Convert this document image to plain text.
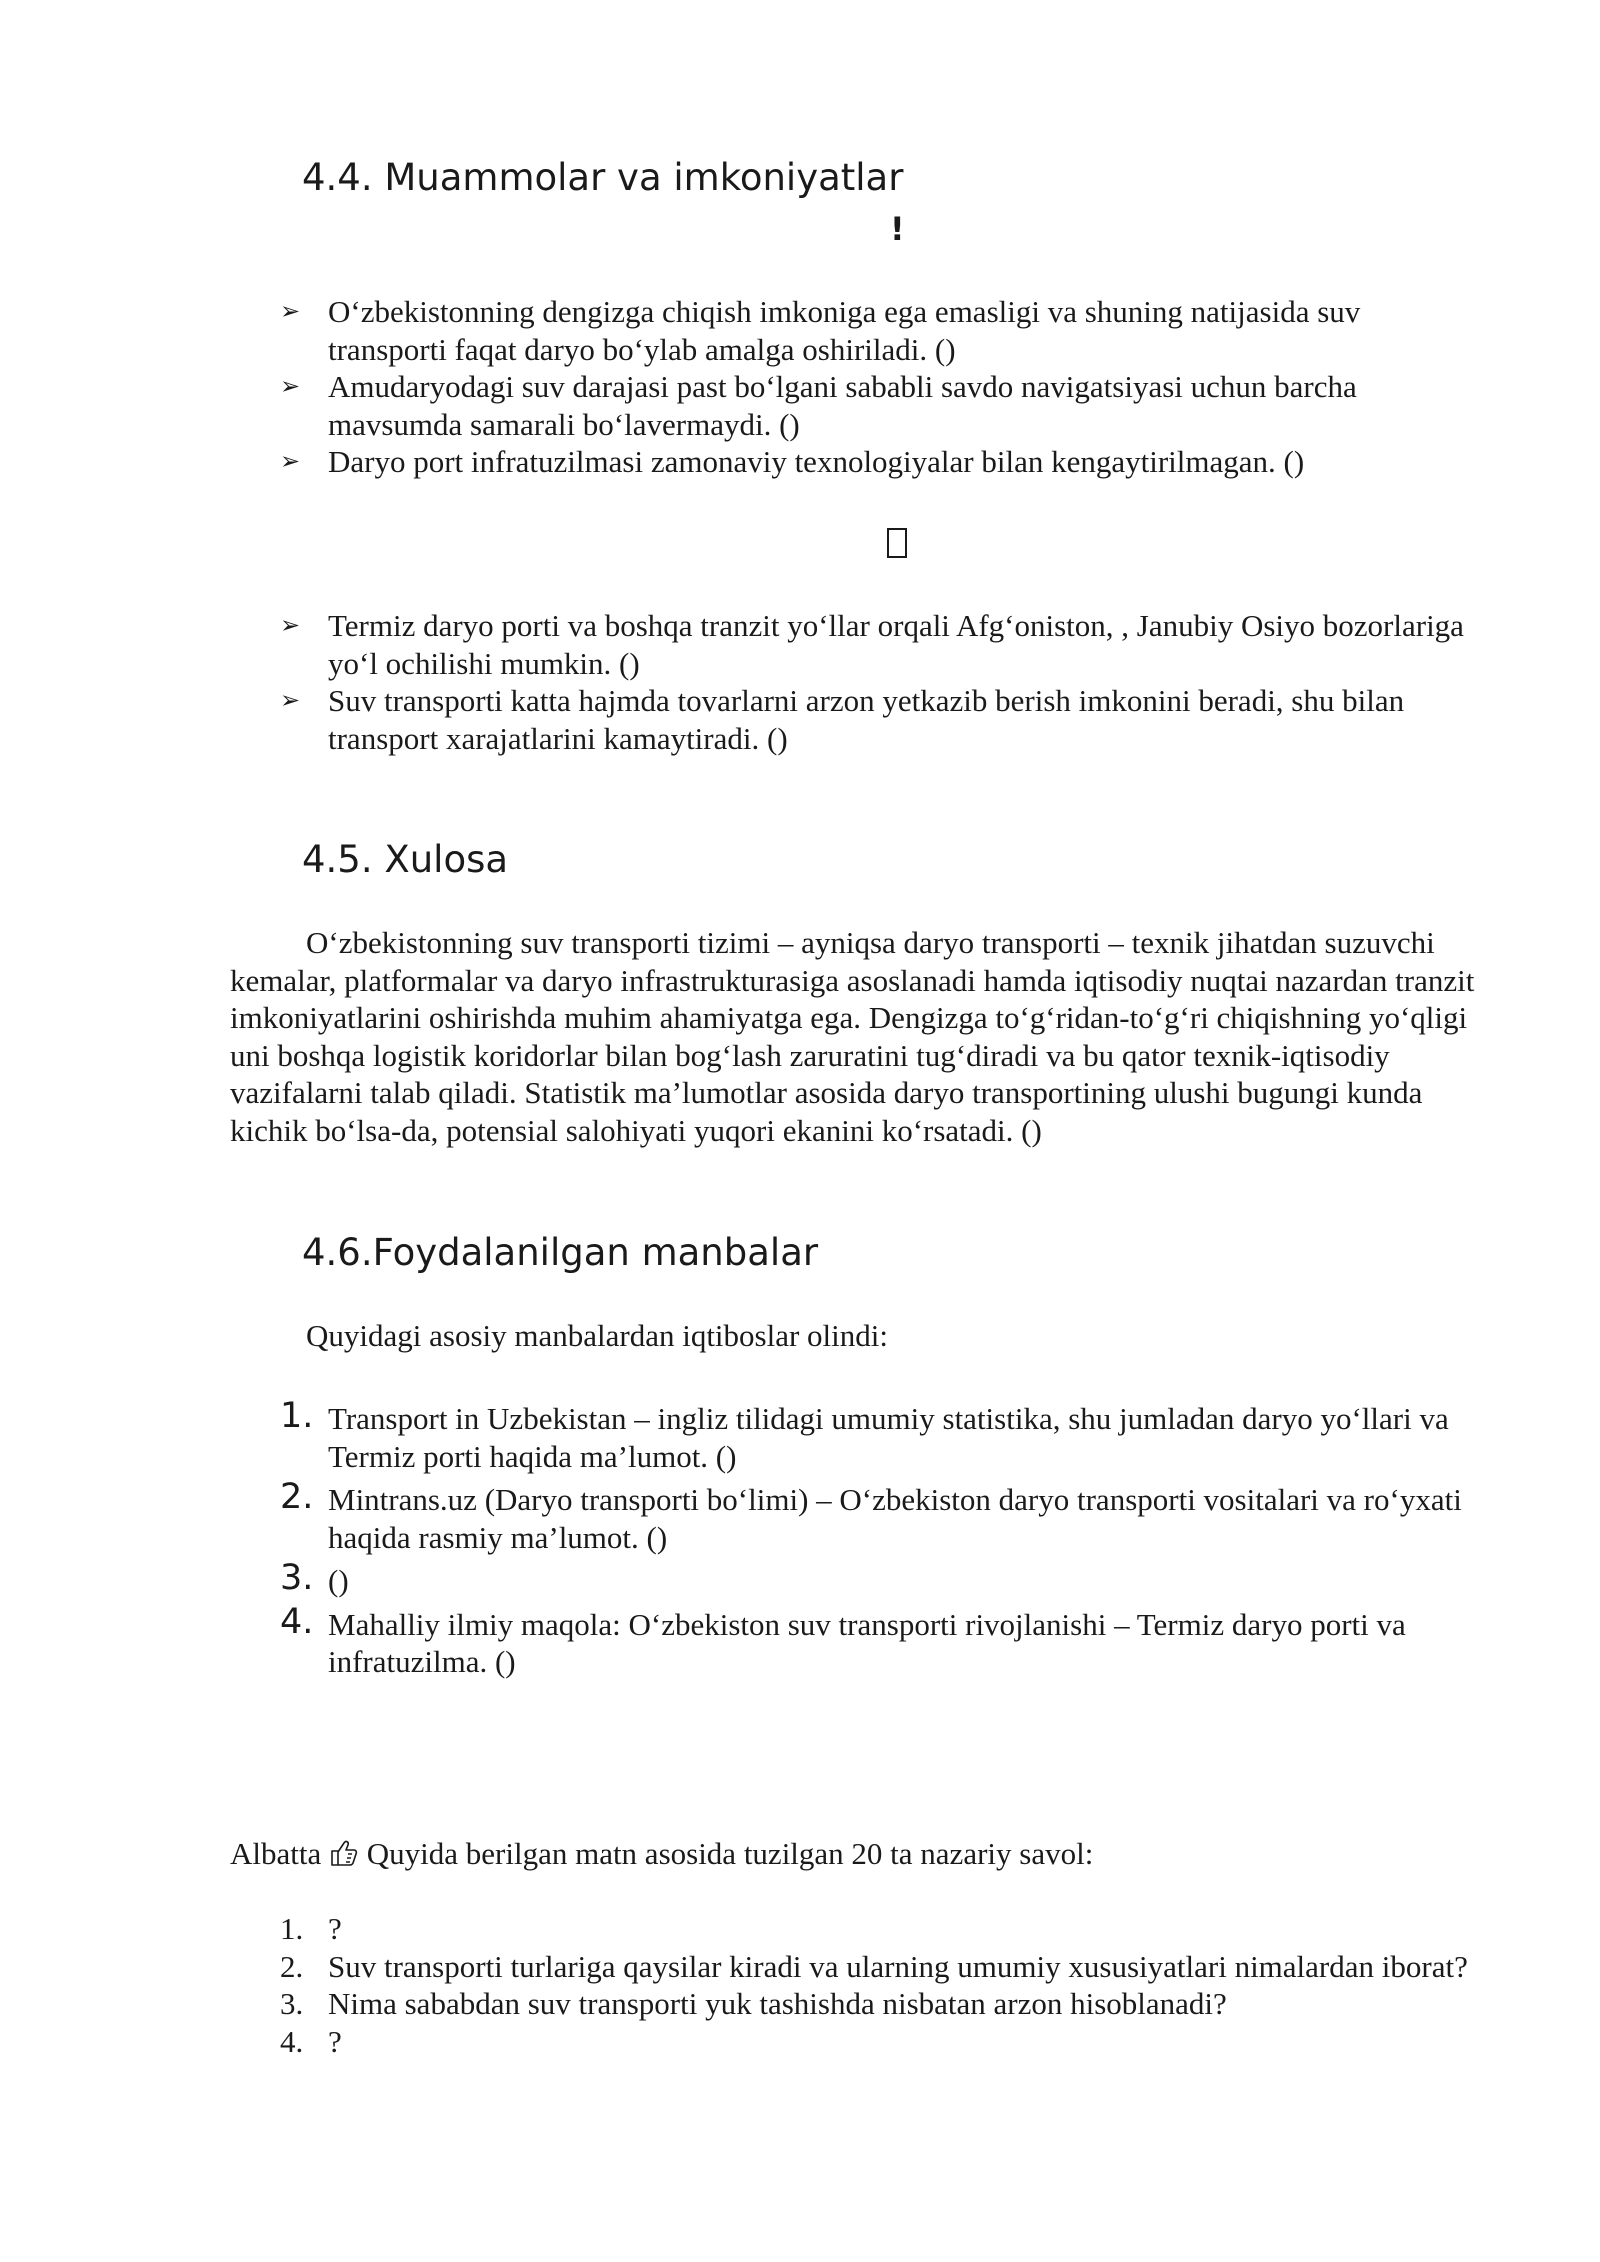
4.4. Muammolar va imkoniyatlar
!
➢ O‘zbekistonning dengizga chiqish imkoniga ega emasligi va shuning natijasida suv transporti faqat daryo bo‘ylab amalga oshiriladi. ()
➢ Amudaryodagi suv darajasi past bo‘lgani sababli savdo navigatsiyasi uchun barcha mavsumda samarali bo‘lavermaydi. ()
➢ Daryo port infratuzilmasi zamonaviy texnologiyalar bilan kengaytirilmagan. ()
➢ Termiz daryo porti va boshqa tranzit yo‘llar orqali Afg‘oniston, , Janubiy Osiyo bozorlariga yo‘l ochilishi mumkin. ()
➢ Suv transporti katta hajmda tovarlarni arzon yetkazib berish imkonini beradi, shu bilan transport xarajatlarini kamaytiradi. ()
4.5. Xulosa

O‘zbekistonning suv transporti tizimi – ayniqsa daryo transporti – texnik jihatdan suzuvchi kemalar, platformalar va daryo infrastrukturasiga asoslanadi hamda iqtisodiy nuqtai nazardan tranzit imkoniyatlarini oshirishda muhim ahamiyatga ega. Dengizga to‘g‘ridan-to‘g‘ri chiqishning yo‘qligi uni boshqa logistik koridorlar bilan bog‘lash zaruratini tug‘diradi va bu qator texnik-iqtisodiy vazifalarni talab qiladi. Statistik ma’lumotlar asosida daryo transportining ulushi bugungi kunda kichik bo‘lsa-da, potensial salohiyati yuqori ekanini ko‘rsatadi. ()

4.6.Foydalanilgan manbalar

Quyidagi asosiy manbalardan iqtiboslar olindi:

1. Transport in Uzbekistan – ingliz tilidagi umumiy statistika, shu jumladan daryo yo‘llari va Termiz porti haqida ma’lumot. ()
2. Mintrans.uz (Daryo transporti bo‘limi) – O‘zbekiston daryo transporti vositalari va ro‘yxati haqida rasmiy ma’lumot. ()
3. ()
4. Mahalliy ilmiy maqola: O‘zbekiston suv transporti rivojlanishi – Termiz daryo porti va infratuzilma. ()

Albatta Quyida berilgan matn asosida tuzilgan 20 ta nazariy savol:

1. ?
2. Suv transporti turlariga qaysilar kiradi va ularning umumiy xususiyatlari nimalardan iborat?
3. Nima sababdan suv transporti yuk tashishda nisbatan arzon hisoblanadi?
4. ?
